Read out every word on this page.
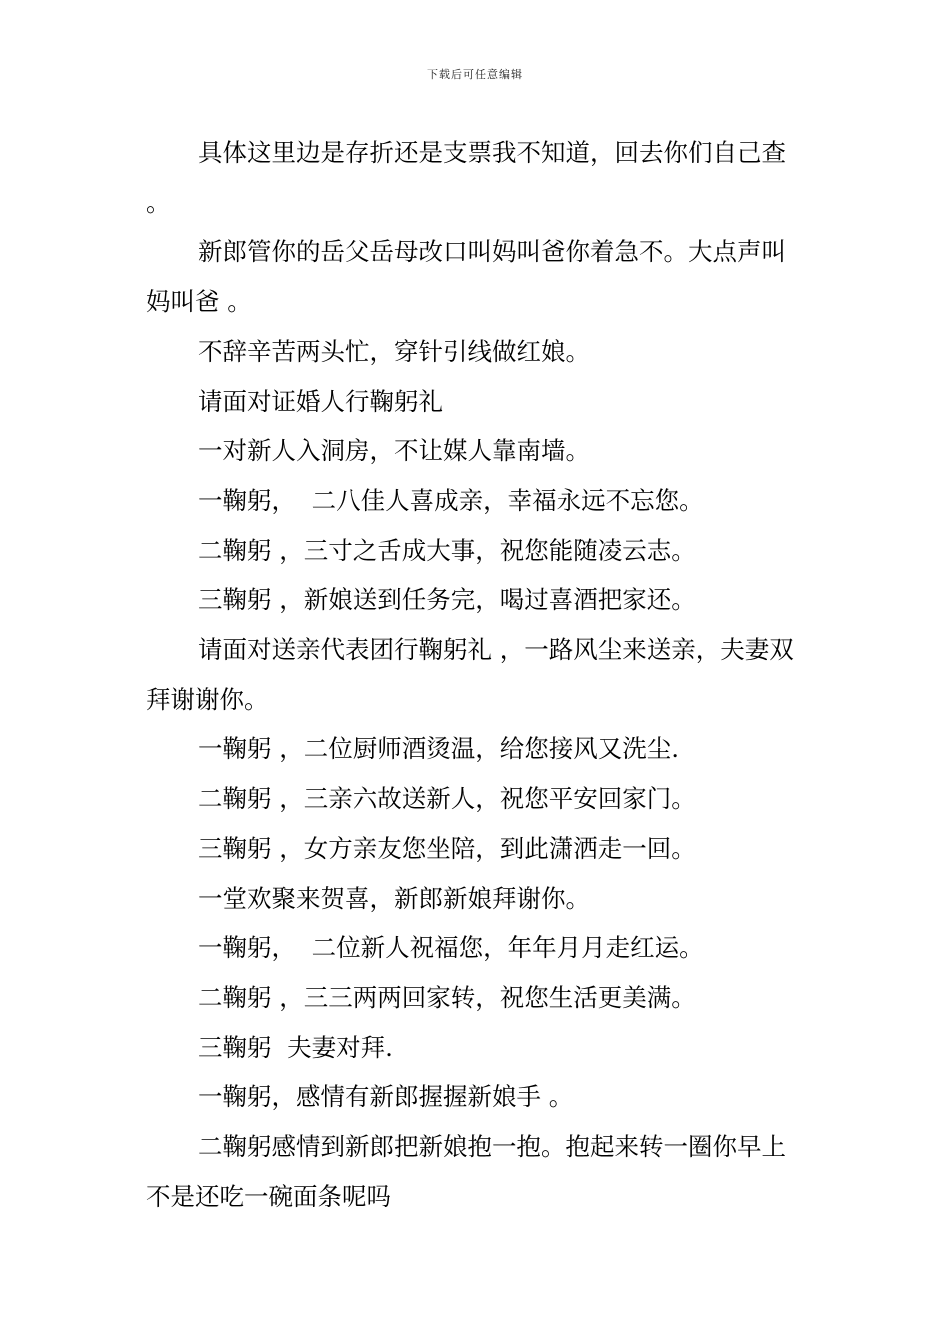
下载后可任意编辑

具体这里边是存折还是支票我不知道，回去你们自己查 。

新郎管你的岳父岳母改口叫妈叫爸你着急不。大点声叫妈叫爸 。

不辞辛苦两头忙，穿针引线做红娘。

请面对证婚人行鞠躬礼

一对新人入洞房，不让媒人靠南墙。

一鞠躬，  二八佳人喜成亲，幸福永远不忘您。

二鞠躬 ，三寸之舌成大事，祝您能随凌云志。

三鞠躬 ，新娘送到任务完，喝过喜酒把家还。

请面对送亲代表团行鞠躬礼 ，一路风尘来送亲，夫妻双拜谢谢你。

一鞠躬 ，二位厨师酒烫温，给您接风又洗尘.

二鞠躬 ，三亲六故送新人，祝您平安回家门。

三鞠躬 ，女方亲友您坐陪，到此潇洒走一回。

一堂欢聚来贺喜，新郎新娘拜谢你。

一鞠躬，  二位新人祝福您，年年月月走红运。

二鞠躬 ，三三两两回家转，祝您生活更美满。

三鞠躬  夫妻对拜.

一鞠躬，感情有新郎握握新娘手 。

二鞠躬感情到新郎把新娘抱一抱。抱起来转一圈你早上不是还吃一碗面条呢吗
